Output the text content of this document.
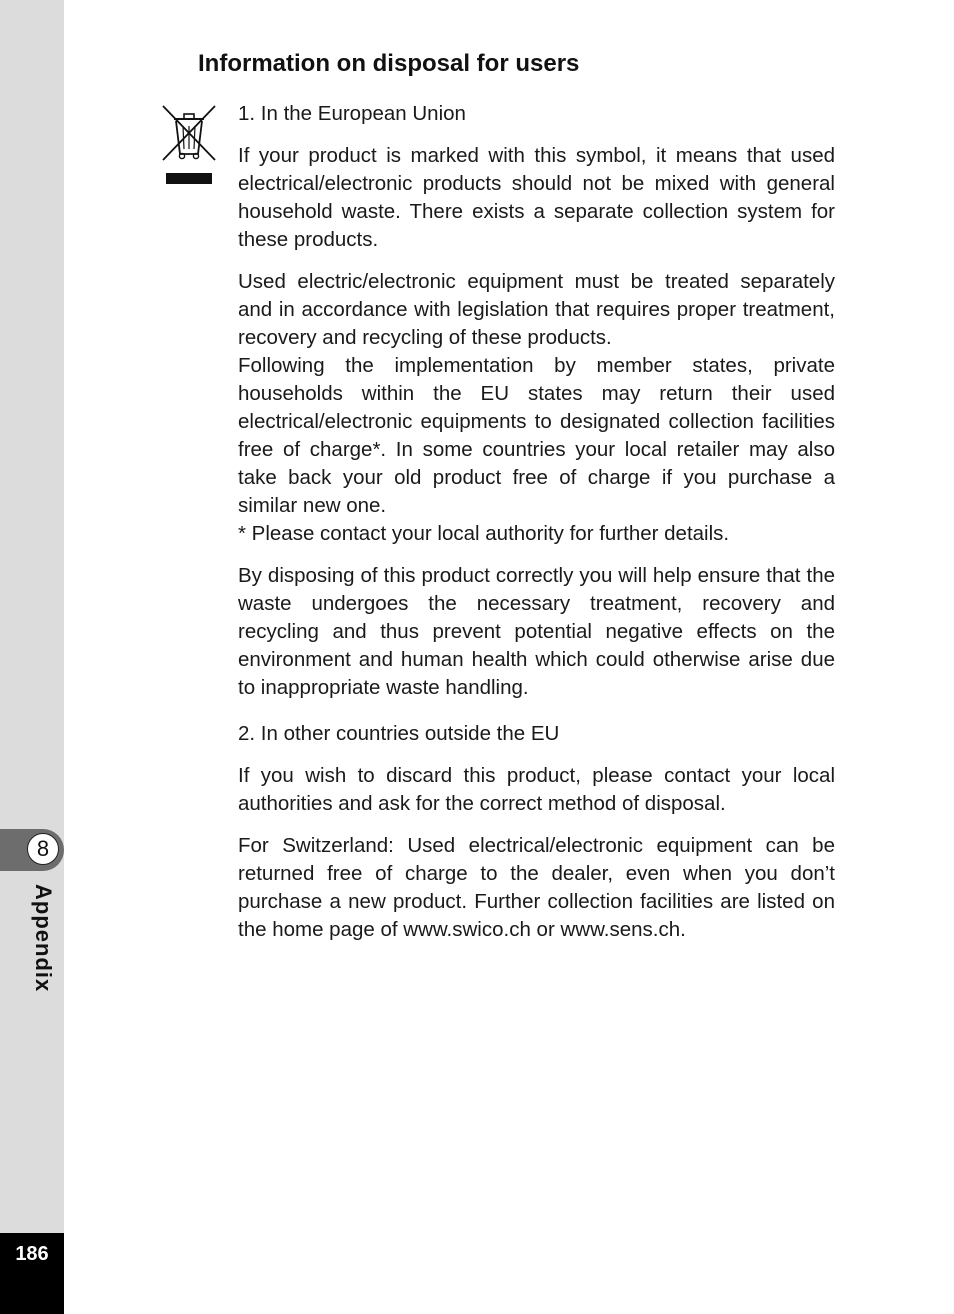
8
Appendix
186
Information on disposal for users

1. In the European Union

If your product is marked with this symbol, it means that used electrical/electronic products should not be mixed with general household waste. There exists a separate collection system for these products.

Used electric/electronic equipment must be treated separately and in accordance with legislation that requires proper treatment, recovery and recycling of these products.

Following the implementation by member states, private households within the EU states may return their used electrical/electronic equipments to designated collection facilities free of charge*. In some countries your local retailer may also take back your old product free of charge if you purchase a similar new one.

* Please contact your local authority for further details.

By disposing of this product correctly you will help ensure that the waste undergoes the necessary treatment, recovery and recycling and thus prevent potential negative effects on the environment and human health which could otherwise arise due to inappropriate waste handling.

2. In other countries outside the EU

If you wish to discard this product, please contact your local authorities and ask for the correct method of disposal.

For Switzerland: Used electrical/electronic equipment can be returned free of charge to the dealer, even when you don’t purchase a new product. Further collection facilities are listed on the home page of www.swico.ch or www.sens.ch.
